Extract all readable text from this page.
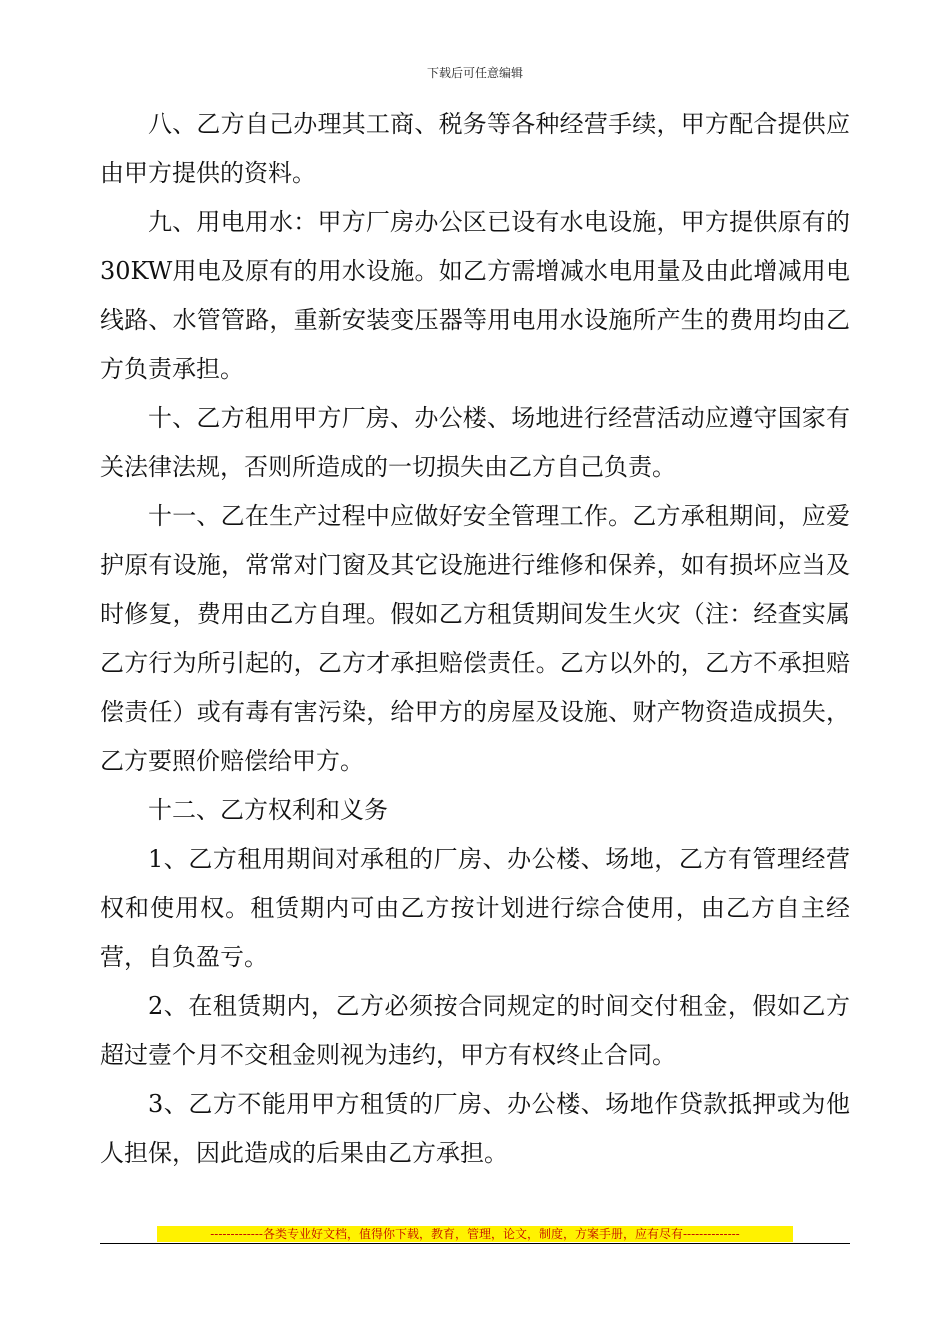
下载后可任意编辑

八、乙方自己办理其工商、税务等各种经营手续，甲方配合提供应由甲方提供的资料。

九、用电用水：甲方厂房办公区已设有水电设施，甲方提供原有的30KW用电及原有的用水设施。如乙方需增减水电用量及由此增减用电线路、水管管路，重新安装变压器等用电用水设施所产生的费用均由乙方负责承担。

十、乙方租用甲方厂房、办公楼、场地进行经营活动应遵守国家有关法律法规，否则所造成的一切损失由乙方自己负责。

十一、乙在生产过程中应做好安全管理工作。乙方承租期间，应爱护原有设施，常常对门窗及其它设施进行维修和保养，如有损坏应当及时修复，费用由乙方自理。假如乙方租赁期间发生火灾（注：经查实属乙方行为所引起的，乙方才承担赔偿责任。乙方以外的，乙方不承担赔偿责任）或有毒有害污染，给甲方的房屋及设施、财产物资造成损失，乙方要照价赔偿给甲方。

十二、乙方权利和义务

1、乙方租用期间对承租的厂房、办公楼、场地，乙方有管理经营权和使用权。租赁期内可由乙方按计划进行综合使用，由乙方自主经营，自负盈亏。

2、在租赁期内，乙方必须按合同规定的时间交付租金，假如乙方超过壹个月不交租金则视为违约，甲方有权终止合同。

3、乙方不能用甲方租赁的厂房、办公楼、场地作贷款抵押或为他人担保，因此造成的后果由乙方承担。

-------------各类专业好文档，值得你下载，教育，管理，论文，制度，方案手册，应有尽有--------------
